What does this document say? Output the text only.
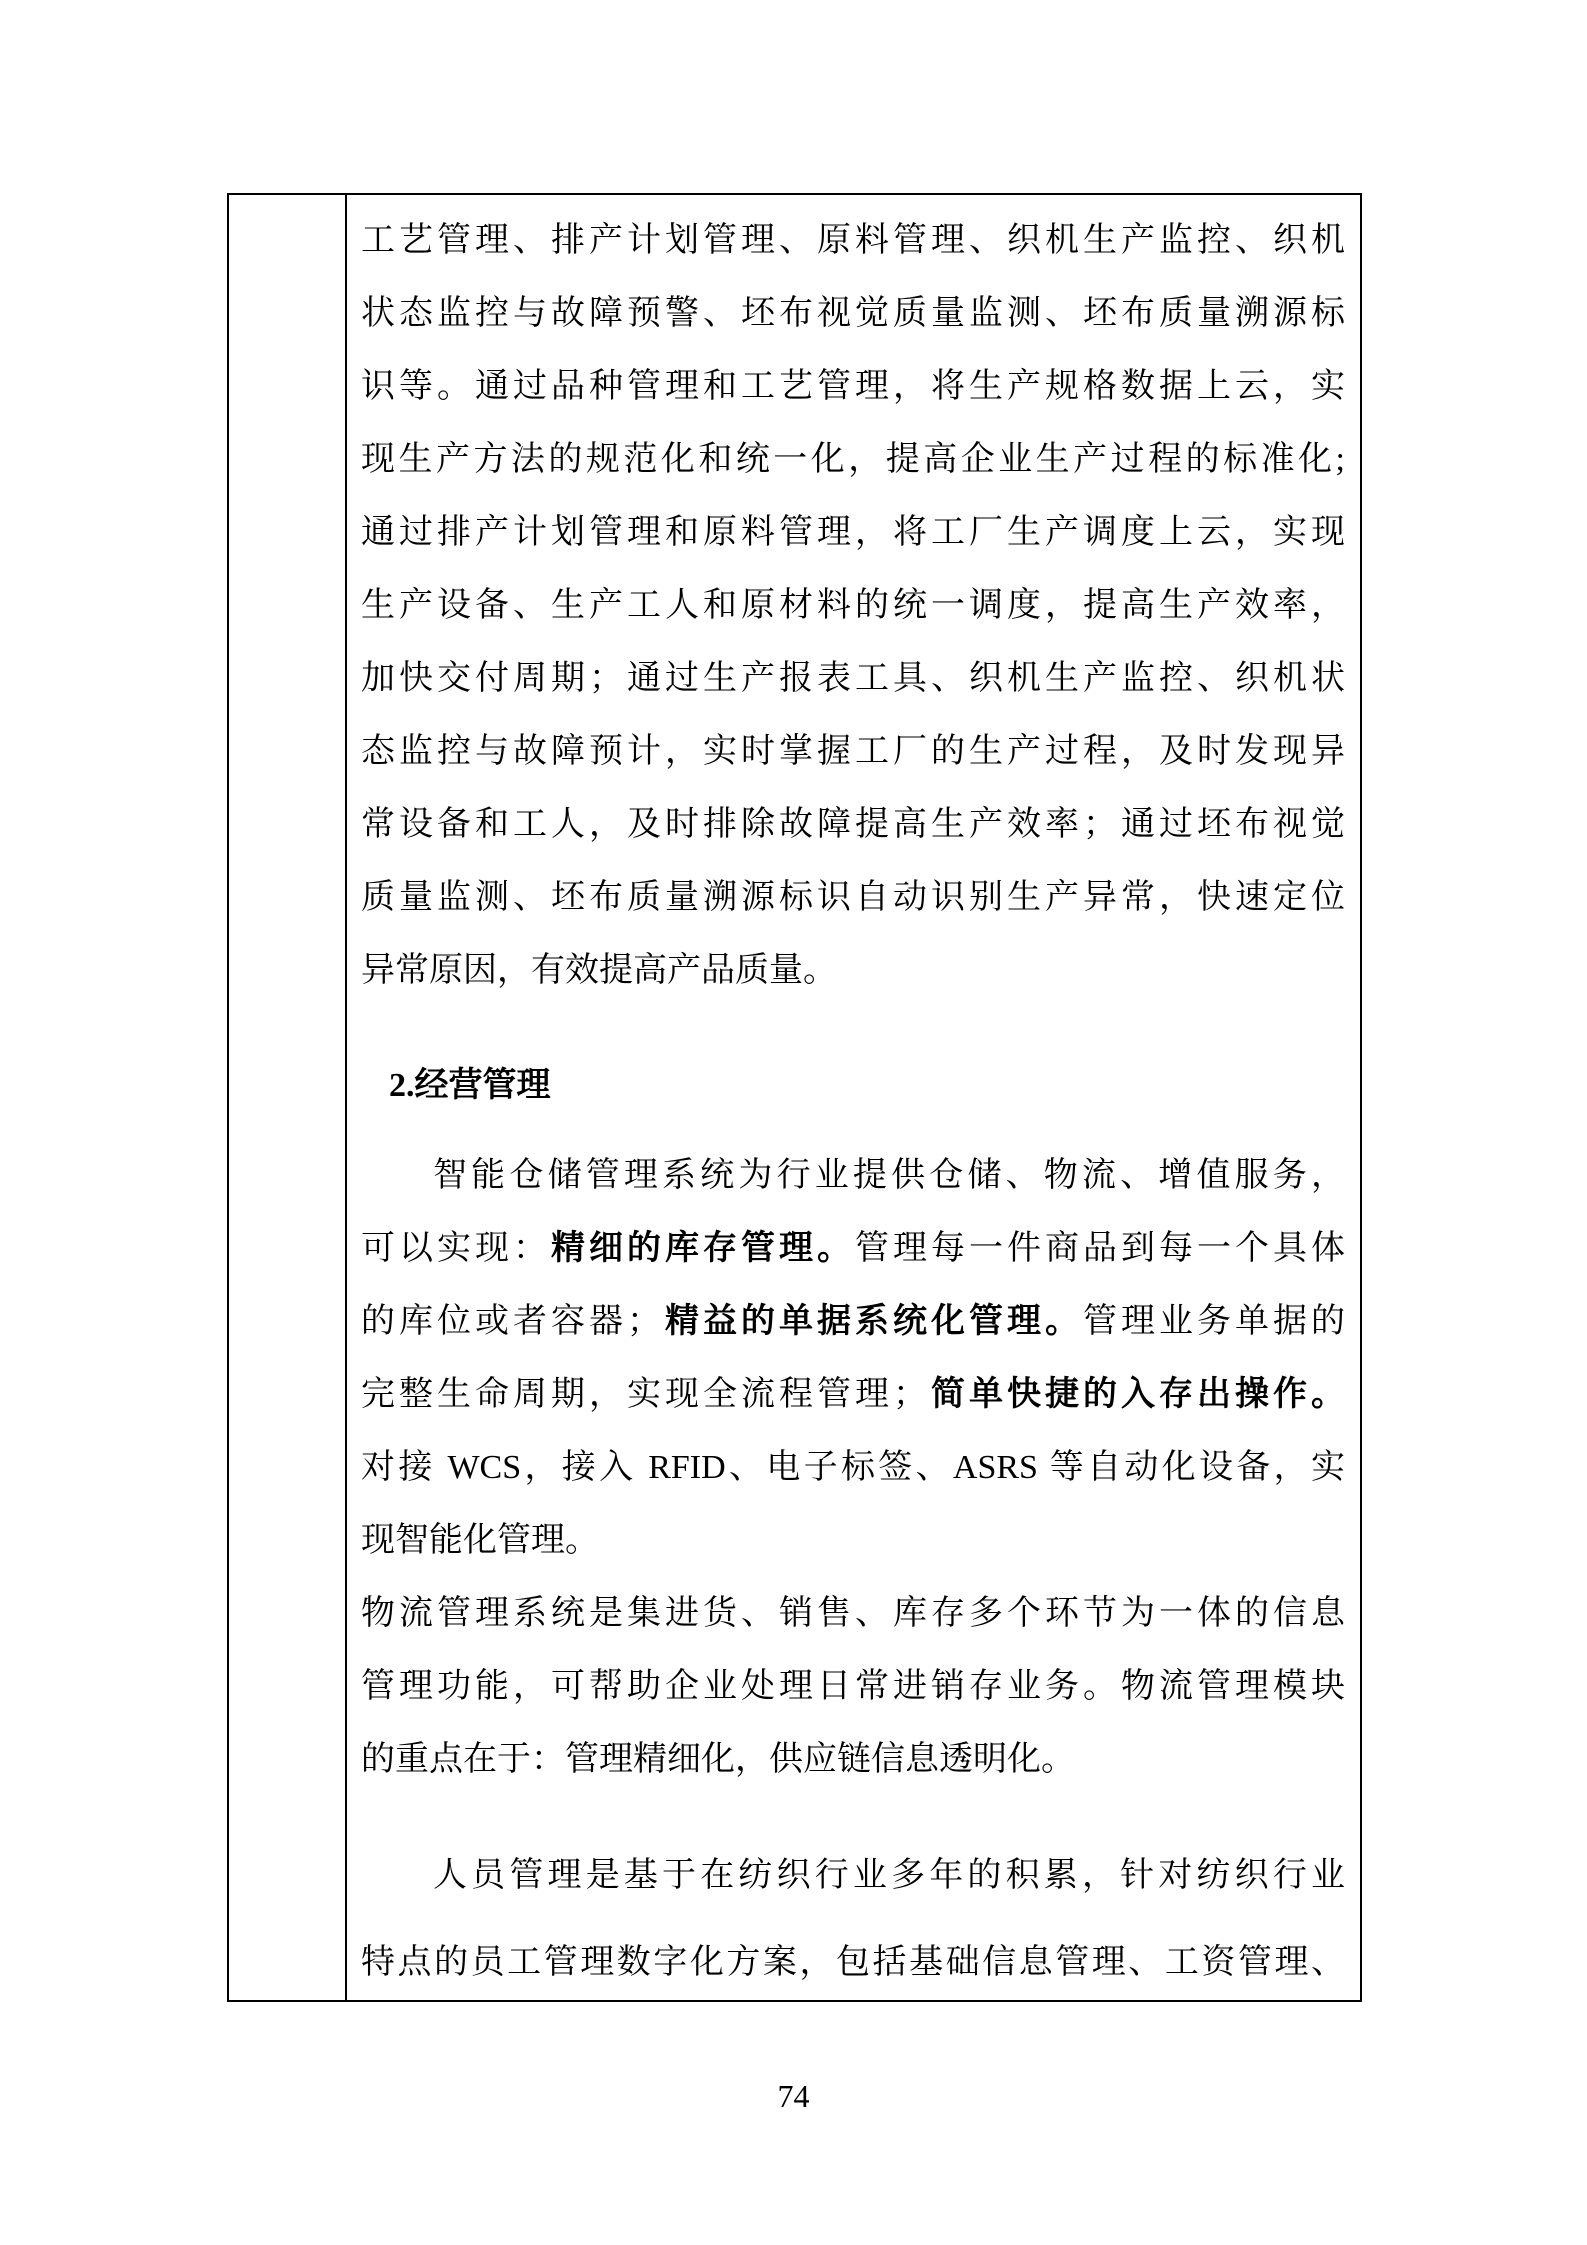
工艺管理、排产计划管理、原料管理、织机生产监控、织机
状态监控与故障预警、坯布视觉质量监测、坯布质量溯源标
识等。通过品种管理和工艺管理，将生产规格数据上云，实
现生产方法的规范化和统一化，提高企业生产过程的标准化;
通过排产计划管理和原料管理，将工厂生产调度上云，实现
生产设备、生产工人和原材料的统一调度，提高生产效率，
加快交付周期；通过生产报表工具、织机生产监控、织机状
态监控与故障预计，实时掌握工厂的生产过程，及时发现异
常设备和工人，及时排除故障提高生产效率；通过坯布视觉
质量监测、坯布质量溯源标识自动识别生产异常，快速定位
异常原因，有效提高产品质量。
2.经营管理
智能仓储管理系统为行业提供仓储、物流、增值服务，
可以实现：精细的库存管理。管理每一件商品到每一个具体
的库位或者容器；精益的单据系统化管理。管理业务单据的
完整生命周期，实现全流程管理；简单快捷的入存出操作。
对接 WCS，接入 RFID、电子标签、ASRS 等自动化设备，实
现智能化管理。
物流管理系统是集进货、销售、库存多个环节为一体的信息
管理功能，可帮助企业处理日常进销存业务。物流管理模块
的重点在于：管理精细化，供应链信息透明化。
人员管理是基于在纺织行业多年的积累，针对纺织行业
特点的员工管理数字化方案，包括基础信息管理、工资管理、
74
